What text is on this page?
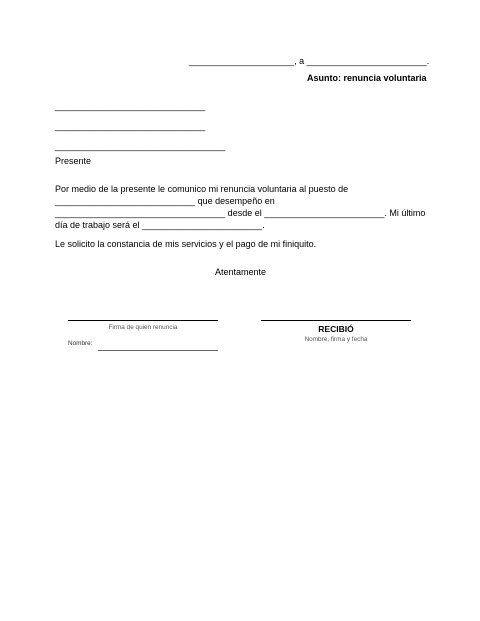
_____________________, a ________________________.
Asunto: renuncia voluntaria
______________________________
______________________________
__________________________________
Presente
Por medio de la presente le comunico mi renuncia voluntaria al puesto de
____________________________ que desempeño en
__________________________________ desde el ________________________. Mi último
día de trabajo será el ________________________.
Le solicito la constancia de mis servicios y el pago de mi finiquito.
Atentamente
Firma de quien renuncia
Nombre:
RECIBIÓ
Nombre, firma y fecha
